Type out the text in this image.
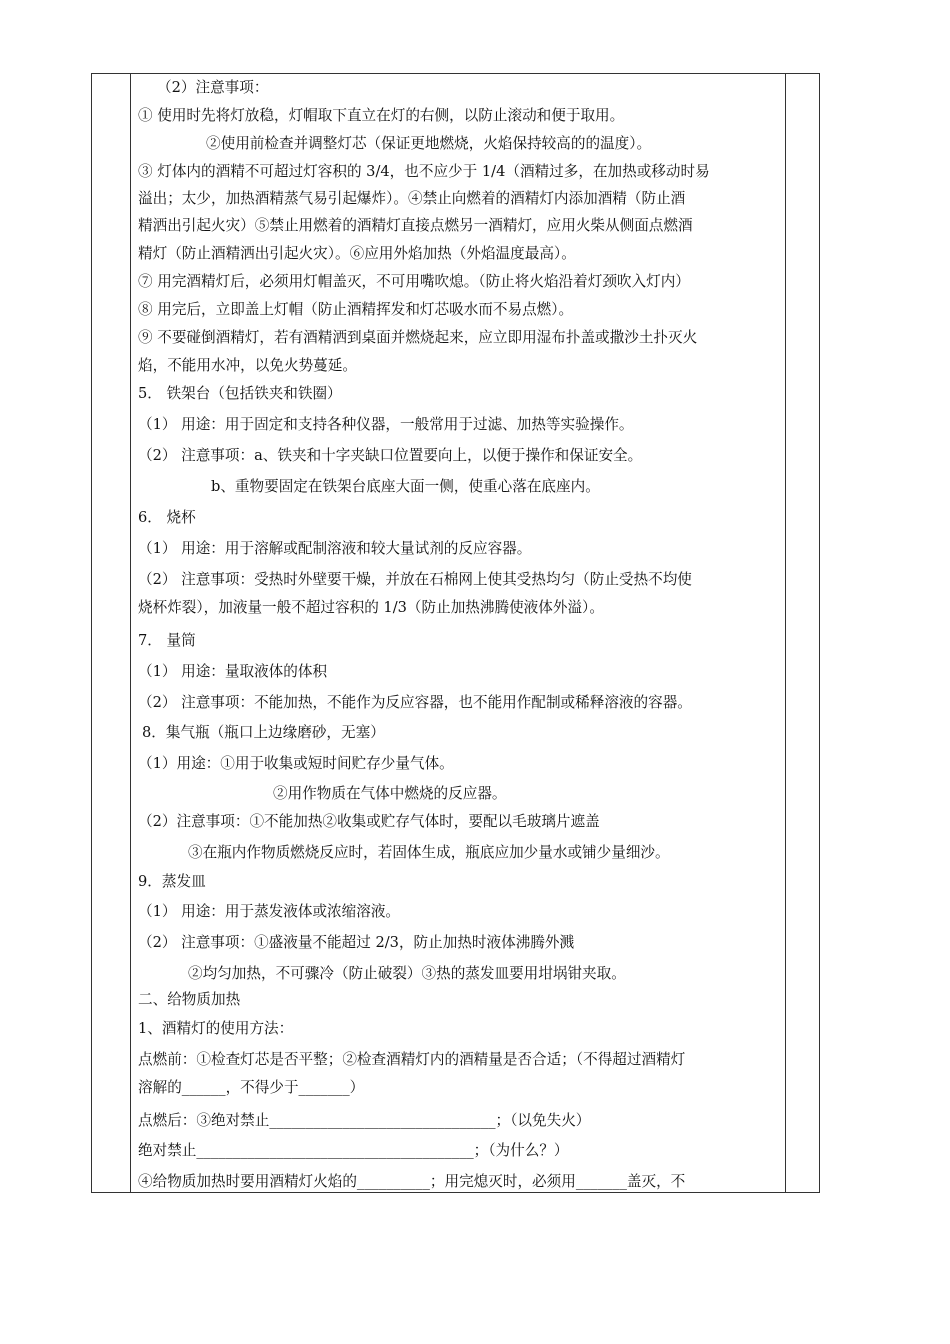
（2）注意事项：
① 使用时先将灯放稳，灯帽取下直立在灯的右侧，以防止滚动和便于取用。
②使用前检查并调整灯芯（保证更地燃烧，火焰保持较高的的温度）。
③ 灯体内的酒精不可超过灯容积的 3/4，也不应少于 1/4（酒精过多，在加热或移动时易
溢出；太少，加热酒精蒸气易引起爆炸）。④禁止向燃着的酒精灯内添加酒精（防止酒
精洒出引起火灾）⑤禁止用燃着的酒精灯直接点燃另一酒精灯，应用火柴从侧面点燃酒
精灯（防止酒精洒出引起火灾）。⑥应用外焰加热（外焰温度最高）。
⑦ 用完酒精灯后，必须用灯帽盖灭，不可用嘴吹熄。（防止将火焰沿着灯颈吹入灯内）
⑧ 用完后，立即盖上灯帽（防止酒精挥发和灯芯吸水而不易点燃）。
⑨ 不要碰倒酒精灯，若有酒精洒到桌面并燃烧起来，应立即用湿布扑盖或撒沙土扑灭火
焰，不能用水冲，以免火势蔓延。
5． 铁架台（包括铁夹和铁圈）
（1） 用途：用于固定和支持各种仪器，一般常用于过滤、加热等实验操作。
（2） 注意事项：a、铁夹和十字夹缺口位置要向上，以便于操作和保证安全。
b、重物要固定在铁架台底座大面一侧，使重心落在底座内。
6． 烧杯
（1） 用途：用于溶解或配制溶液和较大量试剂的反应容器。
（2） 注意事项：受热时外壁要干燥，并放在石棉网上使其受热均匀（防止受热不均使
烧杯炸裂），加液量一般不超过容积的 1/3（防止加热沸腾使液体外溢）。
7． 量筒
（1） 用途：量取液体的体积
（2） 注意事项：不能加热，不能作为反应容器，也不能用作配制或稀释溶液的容器。
8．集气瓶（瓶口上边缘磨砂，无塞）
（1）用途：①用于收集或短时间贮存少量气体。
②用作物质在气体中燃烧的反应器。
（2）注意事项：①不能加热②收集或贮存气体时，要配以毛玻璃片遮盖
③在瓶内作物质燃烧反应时，若固体生成，瓶底应加少量水或铺少量细沙。
9．蒸发皿
（1） 用途：用于蒸发液体或浓缩溶液。
（2） 注意事项：①盛液量不能超过 2/3，防止加热时液体沸腾外溅
②均匀加热，不可骤冷（防止破裂）③热的蒸发皿要用坩埚钳夹取。
二、给物质加热
1、酒精灯的使用方法：
点燃前：①检查灯芯是否平整；②检查酒精灯内的酒精量是否合适；（不得超过酒精灯
溶解的______，不得少于_______）
点燃后：③绝对禁止_______________________________；（以免失火）
绝对禁止______________________________________；（为什么？）
④给物质加热时要用酒精灯火焰的__________；用完熄灭时，必须用_______盖灭，不
